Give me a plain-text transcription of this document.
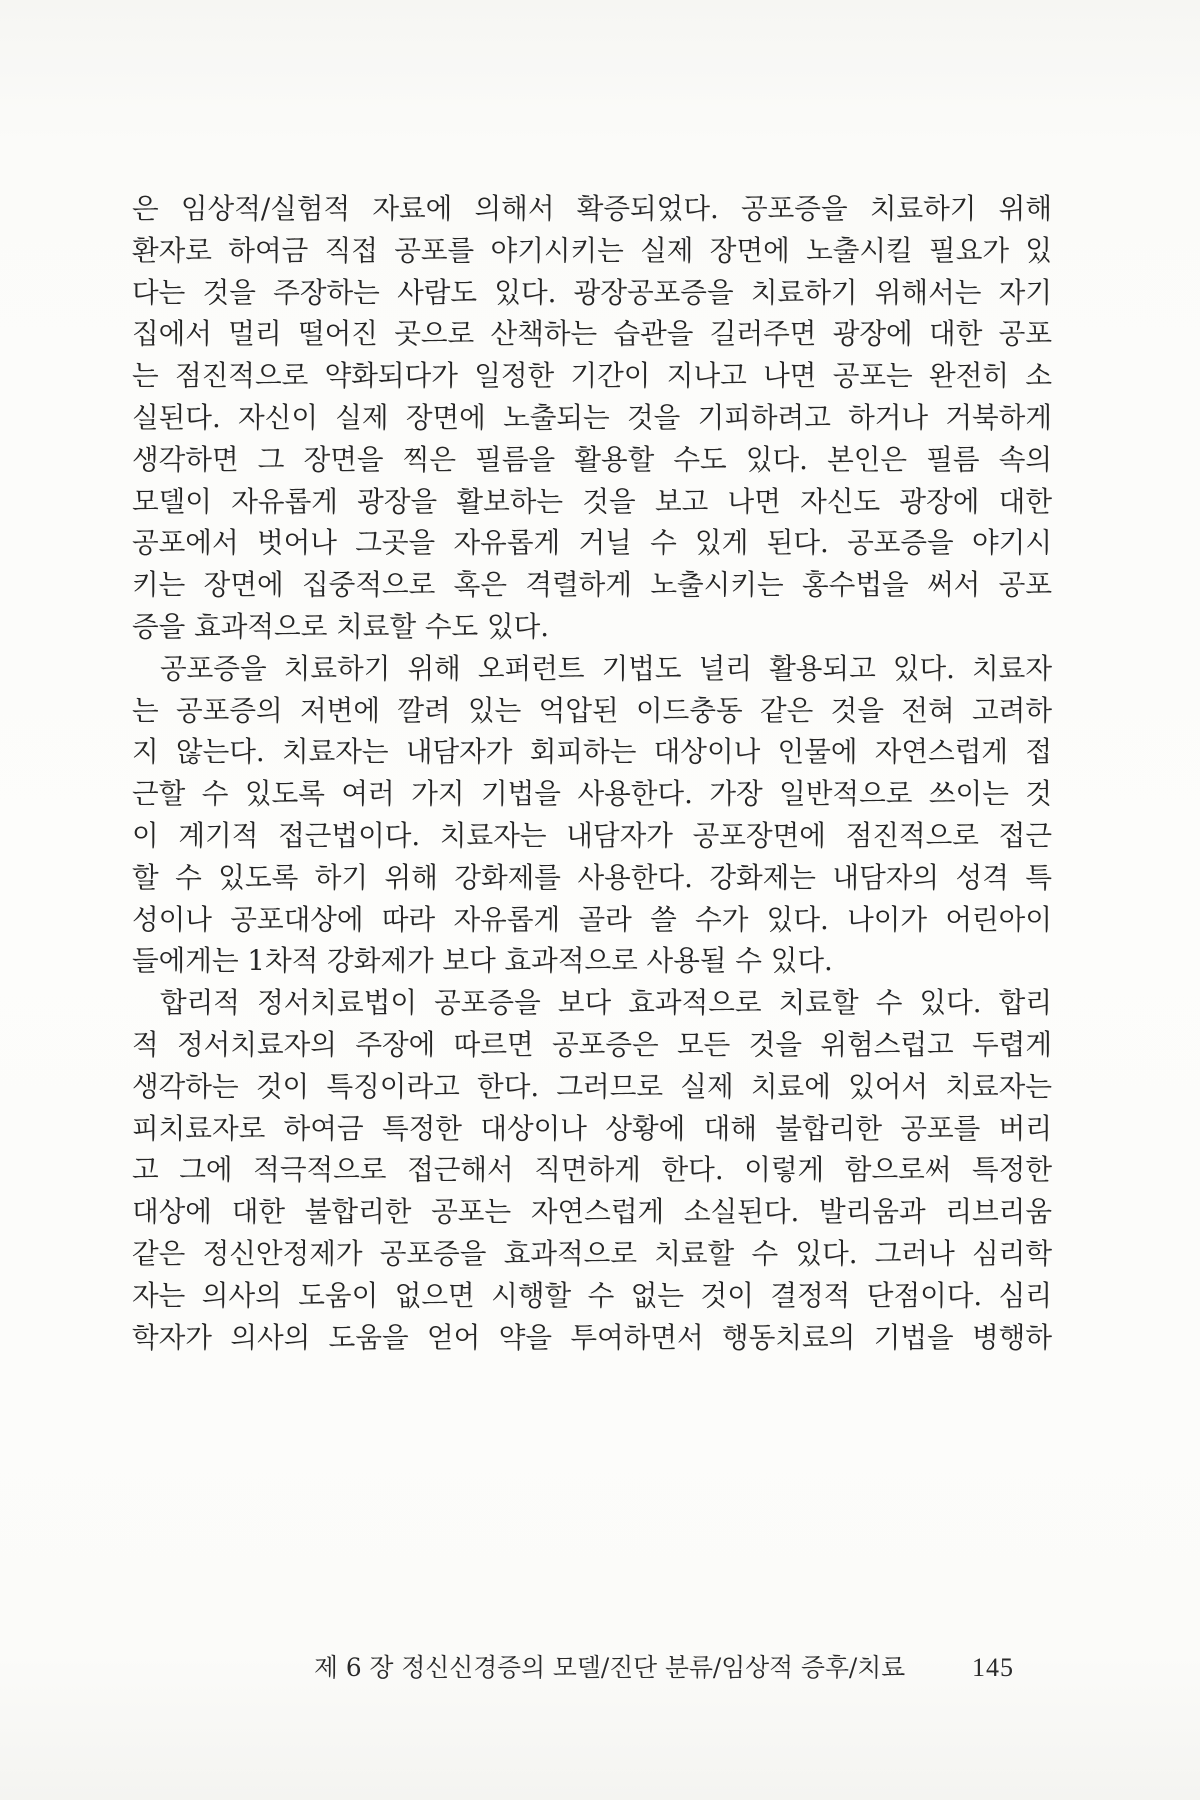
은 임상적/실험적 자료에 의해서 확증되었다. 공포증을 치료하기 위해
환자로 하여금 직접 공포를 야기시키는 실제 장면에 노출시킬 필요가 있
다는 것을 주장하는 사람도 있다. 광장공포증을 치료하기 위해서는 자기
집에서 멀리 떨어진 곳으로 산책하는 습관을 길러주면 광장에 대한 공포
는 점진적으로 약화되다가 일정한 기간이 지나고 나면 공포는 완전히 소
실된다. 자신이 실제 장면에 노출되는 것을 기피하려고 하거나 거북하게
생각하면 그 장면을 찍은 필름을 활용할 수도 있다. 본인은 필름 속의
모델이 자유롭게 광장을 활보하는 것을 보고 나면 자신도 광장에 대한
공포에서 벗어나 그곳을 자유롭게 거닐 수 있게 된다. 공포증을 야기시
키는 장면에 집중적으로 혹은 격렬하게 노출시키는 홍수법을 써서 공포
증을 효과적으로 치료할 수도 있다.
공포증을 치료하기 위해 오퍼런트 기법도 널리 활용되고 있다. 치료자
는 공포증의 저변에 깔려 있는 억압된 이드충동 같은 것을 전혀 고려하
지 않는다. 치료자는 내담자가 회피하는 대상이나 인물에 자연스럽게 접
근할 수 있도록 여러 가지 기법을 사용한다. 가장 일반적으로 쓰이는 것
이 계기적 접근법이다. 치료자는 내담자가 공포장면에 점진적으로 접근
할 수 있도록 하기 위해 강화제를 사용한다. 강화제는 내담자의 성격 특
성이나 공포대상에 따라 자유롭게 골라 쓸 수가 있다. 나이가 어린아이
들에게는 1차적 강화제가 보다 효과적으로 사용될 수 있다.
합리적 정서치료법이 공포증을 보다 효과적으로 치료할 수 있다. 합리
적 정서치료자의 주장에 따르면 공포증은 모든 것을 위험스럽고 두렵게
생각하는 것이 특징이라고 한다. 그러므로 실제 치료에 있어서 치료자는
피치료자로 하여금 특정한 대상이나 상황에 대해 불합리한 공포를 버리
고 그에 적극적으로 접근해서 직면하게 한다. 이렇게 함으로써 특정한
대상에 대한 불합리한 공포는 자연스럽게 소실된다. 발리움과 리브리움
같은 정신안정제가 공포증을 효과적으로 치료할 수 있다. 그러나 심리학
자는 의사의 도움이 없으면 시행할 수 없는 것이 결정적 단점이다. 심리
학자가 의사의 도움을 얻어 약을 투여하면서 행동치료의 기법을 병행하
제 6 장 정신신경증의 모델/진단 분류/임상적 증후/치료	145
